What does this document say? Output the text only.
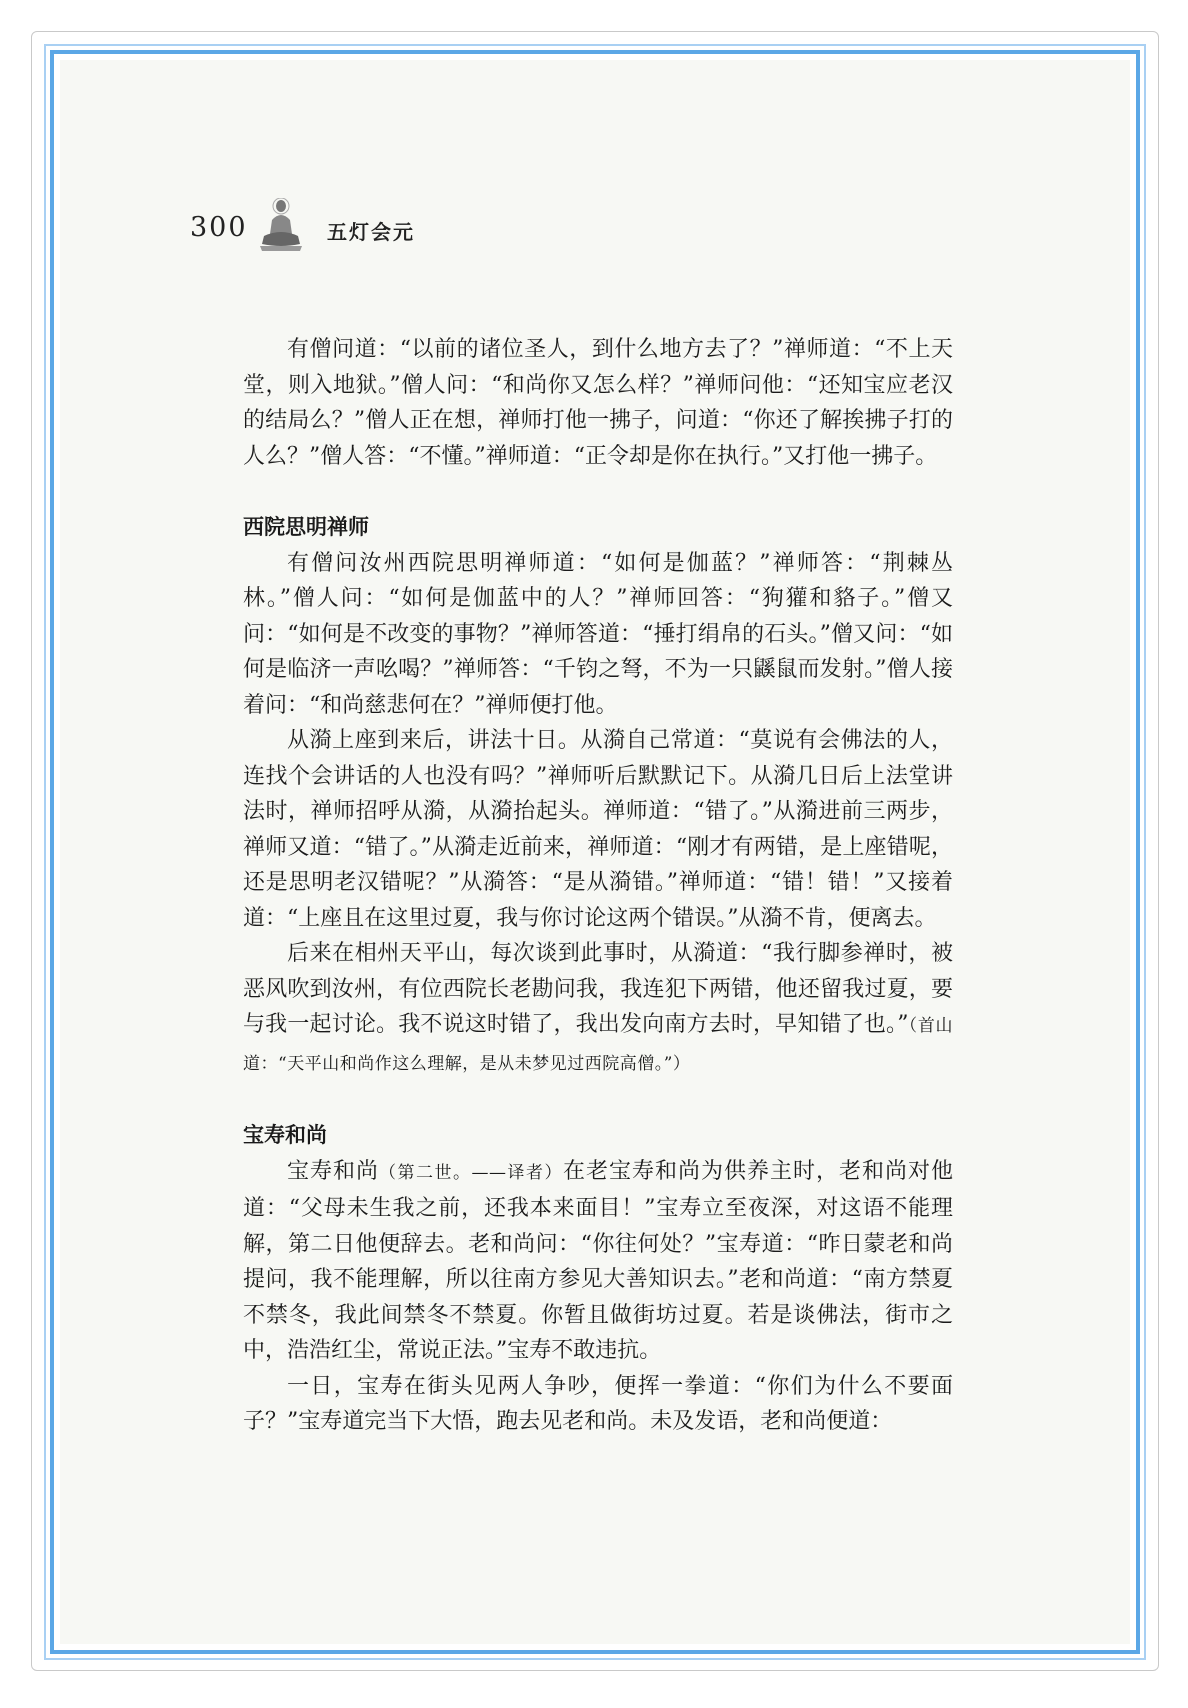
300	五灯会元

有僧问道：“以前的诸位圣人，到什么地方去了？”禅师道：“不上天堂，则入地狱。”僧人问：“和尚你又怎么样？”禅师问他：“还知宝应老汉的结局么？”僧人正在想，禅师打他一拂子，问道：“你还了解挨拂子打的人么？”僧人答：“不懂。”禅师道：“正令却是你在执行。”又打他一拂子。

西院思明禅师

有僧问汝州西院思明禅师道：“如何是伽蓝？”禅师答：“荆棘丛林。”僧人问：“如何是伽蓝中的人？”禅师回答：“狗獾和貉子。”僧又问：“如何是不改变的事物？”禅师答道：“捶打绢帛的石头。”僧又问：“如何是临济一声吆喝？”禅师答：“千钧之弩，不为一只鼷鼠而发射。”僧人接着问：“和尚慈悲何在？”禅师便打他。

从漪上座到来后，讲法十日。从漪自己常道：“莫说有会佛法的人，连找个会讲话的人也没有吗？”禅师听后默默记下。从漪几日后上法堂讲法时，禅师招呼从漪，从漪抬起头。禅师道：“错了。”从漪进前三两步，禅师又道：“错了。”从漪走近前来，禅师道：“刚才有两错，是上座错呢，还是思明老汉错呢？”从漪答：“是从漪错。”禅师道：“错！错！”又接着道：“上座且在这里过夏，我与你讨论这两个错误。”从漪不肯，便离去。

后来在相州天平山，每次谈到此事时，从漪道：“我行脚参禅时，被恶风吹到汝州，有位西院长老勘问我，我连犯下两错，他还留我过夏，要与我一起讨论。我不说这时错了，我出发向南方去时，早知错了也。”（首山道：“天平山和尚作这么理解，是从未梦见过西院高僧。”）

宝寿和尚

宝寿和尚（第二世。——译者）在老宝寿和尚为供养主时，老和尚对他道：“父母未生我之前，还我本来面目！”宝寿立至夜深，对这语不能理解，第二日他便辞去。老和尚问：“你往何处？”宝寿道：“昨日蒙老和尚提问，我不能理解，所以往南方参见大善知识去。”老和尚道：“南方禁夏不禁冬，我此间禁冬不禁夏。你暂且做街坊过夏。若是谈佛法，街市之中，浩浩红尘，常说正法。”宝寿不敢违抗。

一日，宝寿在街头见两人争吵，便挥一拳道：“你们为什么不要面子？”宝寿道完当下大悟，跑去见老和尚。未及发语，老和尚便道：
